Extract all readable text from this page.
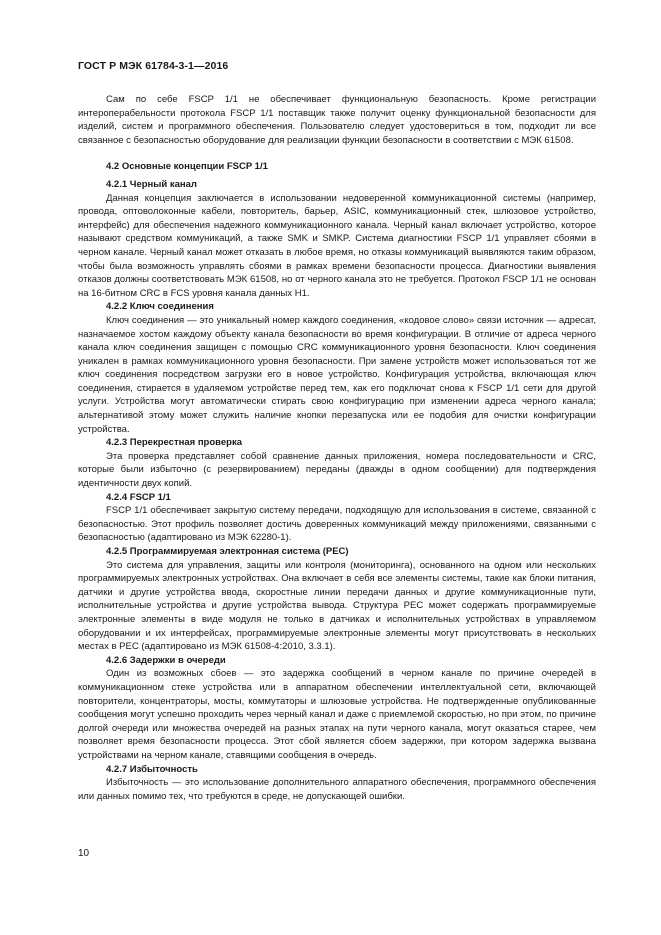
ГОСТ Р МЭК 61784-3-1—2016

Сам по себе FSCP 1/1 не обеспечивает функциональную безопасность. Кроме регистрации интероперабельности протокола FSCP 1/1 поставщик также получит оценку функциональной безопасности для изделий, систем и программного обеспечения. Пользователю следует удостовериться в том, подходит ли все связанное с безопасностью оборудование для реализации функции безопасности в соответствии с МЭК 61508.

4.2 Основные концепции FSCP 1/1
4.2.1 Черный канал

Данная концепция заключается в использовании недоверенной коммуникационной системы (например, провода, оптоволоконные кабели, повторитель, барьер, ASIC, коммуникационный стек, шлюзовое устройство, интерфейс) для обеспечения надежного коммуникационного канала. Черный канал включает устройство, которое называют средством коммуникаций, а также SMK и SMKP. Система диагностики FSCP 1/1 управляет сбоями в черном канале. Черный канал может отказать в любое время, но отказы коммуникаций выявляются таким образом, чтобы была возможность управлять сбоями в рамках времени безопасности процесса. Диагностики выявления отказов должны соответствовать МЭК 61508, но от черного канала это не требуется. Протокол FSCP 1/1 не основан на 16-битном CRC в FCS уровня канала данных H1.

4.2.2 Ключ соединения

Ключ соединения — это уникальный номер каждого соединения, «кодовое слово» связи источник — адресат, назначаемое хостом каждому объекту канала безопасности во время конфигурации. В отличие от адреса черного канала ключ соединения защищен с помощью CRC коммуникационного уровня безопасности. Ключ соединения уникален в рамках коммуникационного уровня безопасности. При замене устройств может использоваться тот же ключ соединения посредством загрузки его в новое устройство. Конфигурация устройства, включающая ключ соединения, стирается в удаляемом устройстве перед тем, как его подключат снова к FSCP 1/1 сети для другой услуги. Устройства могут автоматически стирать свою конфигурацию при изменении адреса черного канала; альтернативой этому может служить наличие кнопки перезапуска или ее подобия для очистки конфигурации устройства.

4.2.3 Перекрестная проверка

Эта проверка представляет собой сравнение данных приложения, номера последовательности и CRC, которые были избыточно (с резервированием) переданы (дважды в одном сообщении) для подтверждения идентичности двух копий.

4.2.4 FSCP 1/1

FSCP 1/1 обеспечивает закрытую систему передачи, подходящую для использования в системе, связанной с безопасностью. Этот профиль позволяет достичь доверенных коммуникаций между приложениями, связанными с безопасностью (адаптировано из МЭК 62280-1).

4.2.5 Программируемая электронная система (PEC)

Это система для управления, защиты или контроля (мониторинга), основанного на одном или нескольких программируемых электронных устройствах. Она включает в себя все элементы системы, такие как блоки питания, датчики и другие устройства ввода, скоростные линии передачи данных и другие коммуникационные пути, исполнительные устройства и другие устройства вывода. Структура PEC может содержать программируемые электронные элементы в виде модуля не только в датчиках и исполнительных устройствах в управляемом оборудовании и их интерфейсах, программируемые электронные элементы могут присутствовать в нескольких местах в PEC (адаптировано из МЭК 61508-4:2010, 3.3.1).

4.2.6 Задержки в очереди

Один из возможных сбоев — это задержка сообщений в черном канале по причине очередей в коммуникационном стеке устройства или в аппаратном обеспечении интеллектуальной сети, включающей повторители, концентраторы, мосты, коммутаторы и шлюзовые устройства. Не подтвержденные опубликованные сообщения могут успешно проходить через черный канал и даже с приемлемой скоростью, но при этом, по причине долгой очереди или множества очередей на разных этапах на пути черного канала, могут оказаться старее, чем позволяет время безопасности процесса. Этот сбой является сбоем задержки, при котором задержка вызвана устройствами на черном канале, ставящими сообщения в очередь.

4.2.7 Избыточность

Избыточность — это использование дополнительного аппаратного обеспечения, программного обеспечения или данных помимо тех, что требуются в среде, не допускающей ошибки.

10
